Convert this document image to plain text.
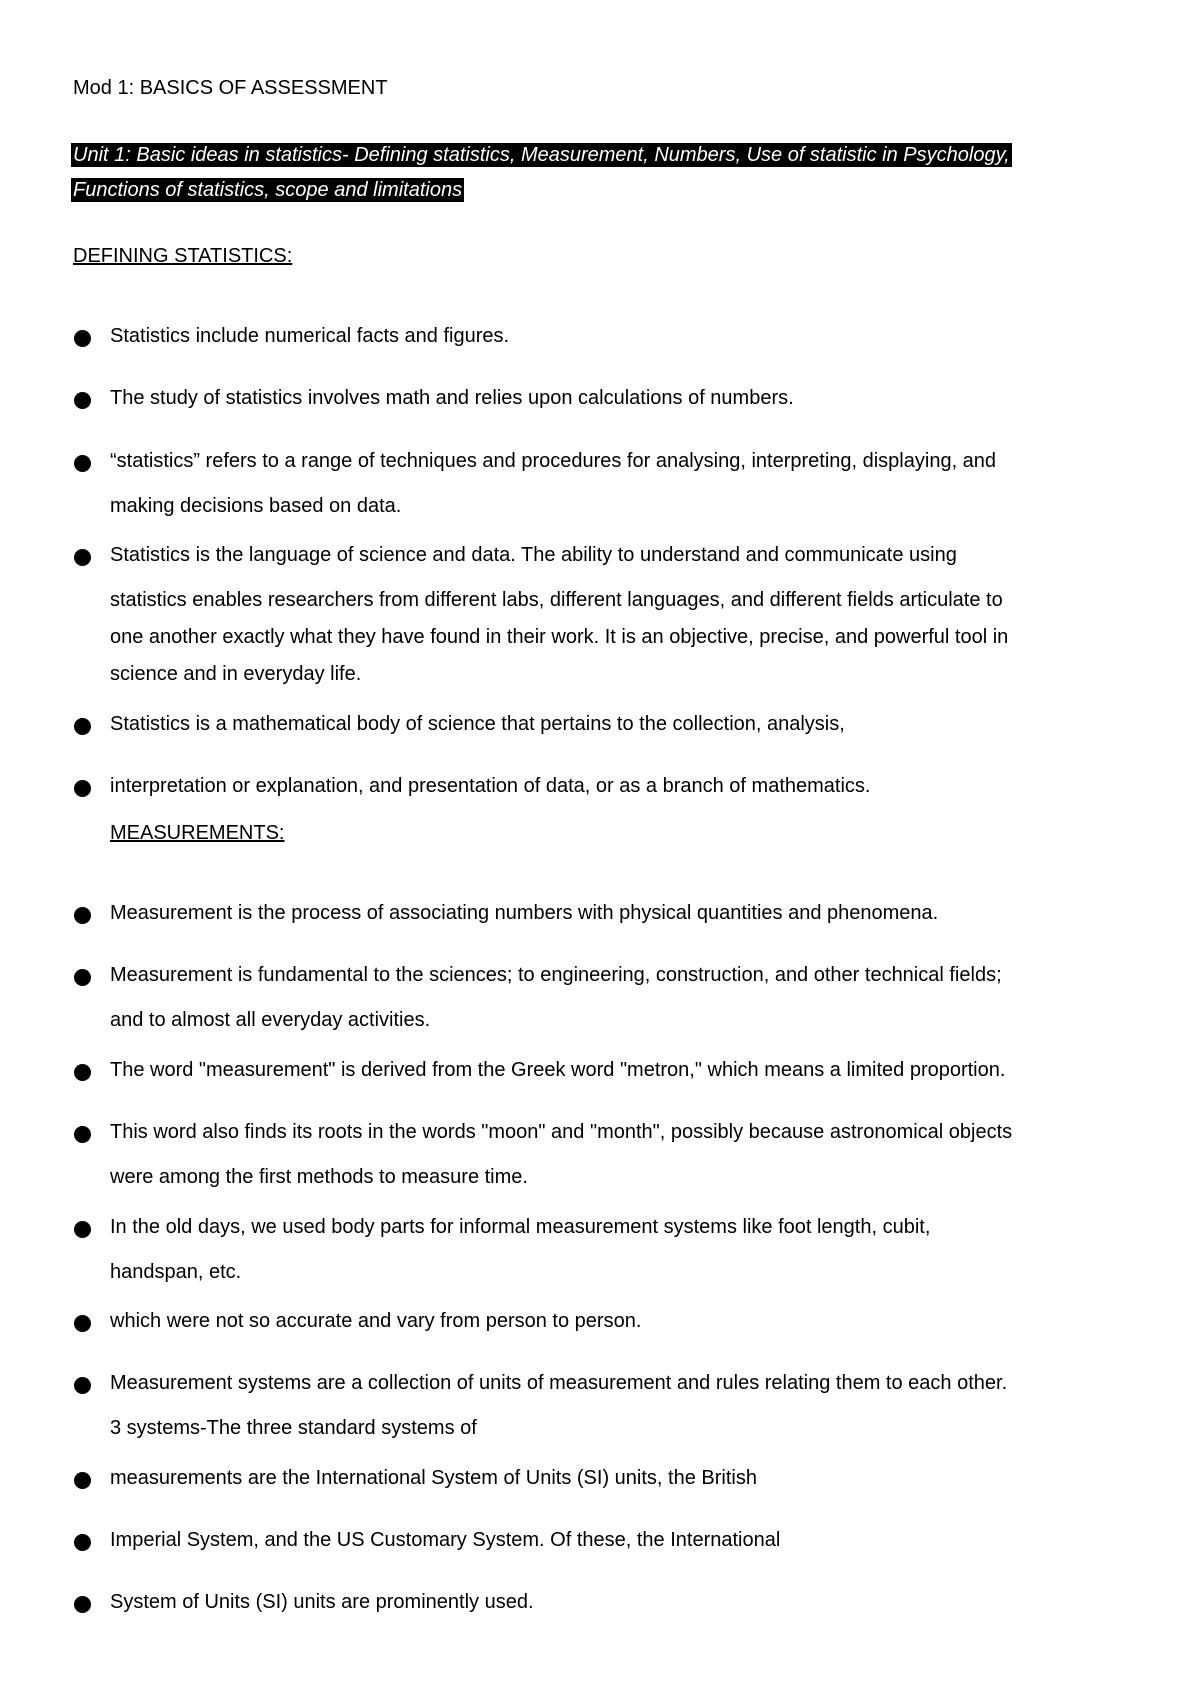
Mod 1: BASICS OF ASSESSMENT
Unit 1: Basic ideas in statistics- Defining statistics, Measurement, Numbers, Use of statistic in Psychology,
Functions of statistics, scope and limitations
DEFINING STATISTICS:
Statistics include numerical facts and figures.
The study of statistics involves math and relies upon calculations of numbers.
“statistics” refers to a range of techniques and procedures for analysing, interpreting, displaying, and
making decisions based on data.
Statistics is the language of science and data. The ability to understand and communicate using
statistics enables researchers from different labs, different languages, and different fields articulate to
one another exactly what they have found in their work. It is an objective, precise, and powerful tool in
science and in everyday life.
Statistics is a mathematical body of science that pertains to the collection, analysis,
interpretation or explanation, and presentation of data, or as a branch of mathematics.
MEASUREMENTS:
Measurement is the process of associating numbers with physical quantities and phenomena.
Measurement is fundamental to the sciences; to engineering, construction, and other technical fields;
and to almost all everyday activities.
The word "measurement" is derived from the Greek word "metron," which means a limited proportion.
This word also finds its roots in the words "moon" and "month", possibly because astronomical objects
were among the first methods to measure time.
In the old days, we used body parts for informal measurement systems like foot length, cubit,
handspan, etc.
which were not so accurate and vary from person to person.
Measurement systems are a collection of units of measurement and rules relating them to each other.
3 systems-The three standard systems of
measurements are the International System of Units (SI) units, the British
Imperial System, and the US Customary System. Of these, the International
System of Units (SI) units are prominently used.
